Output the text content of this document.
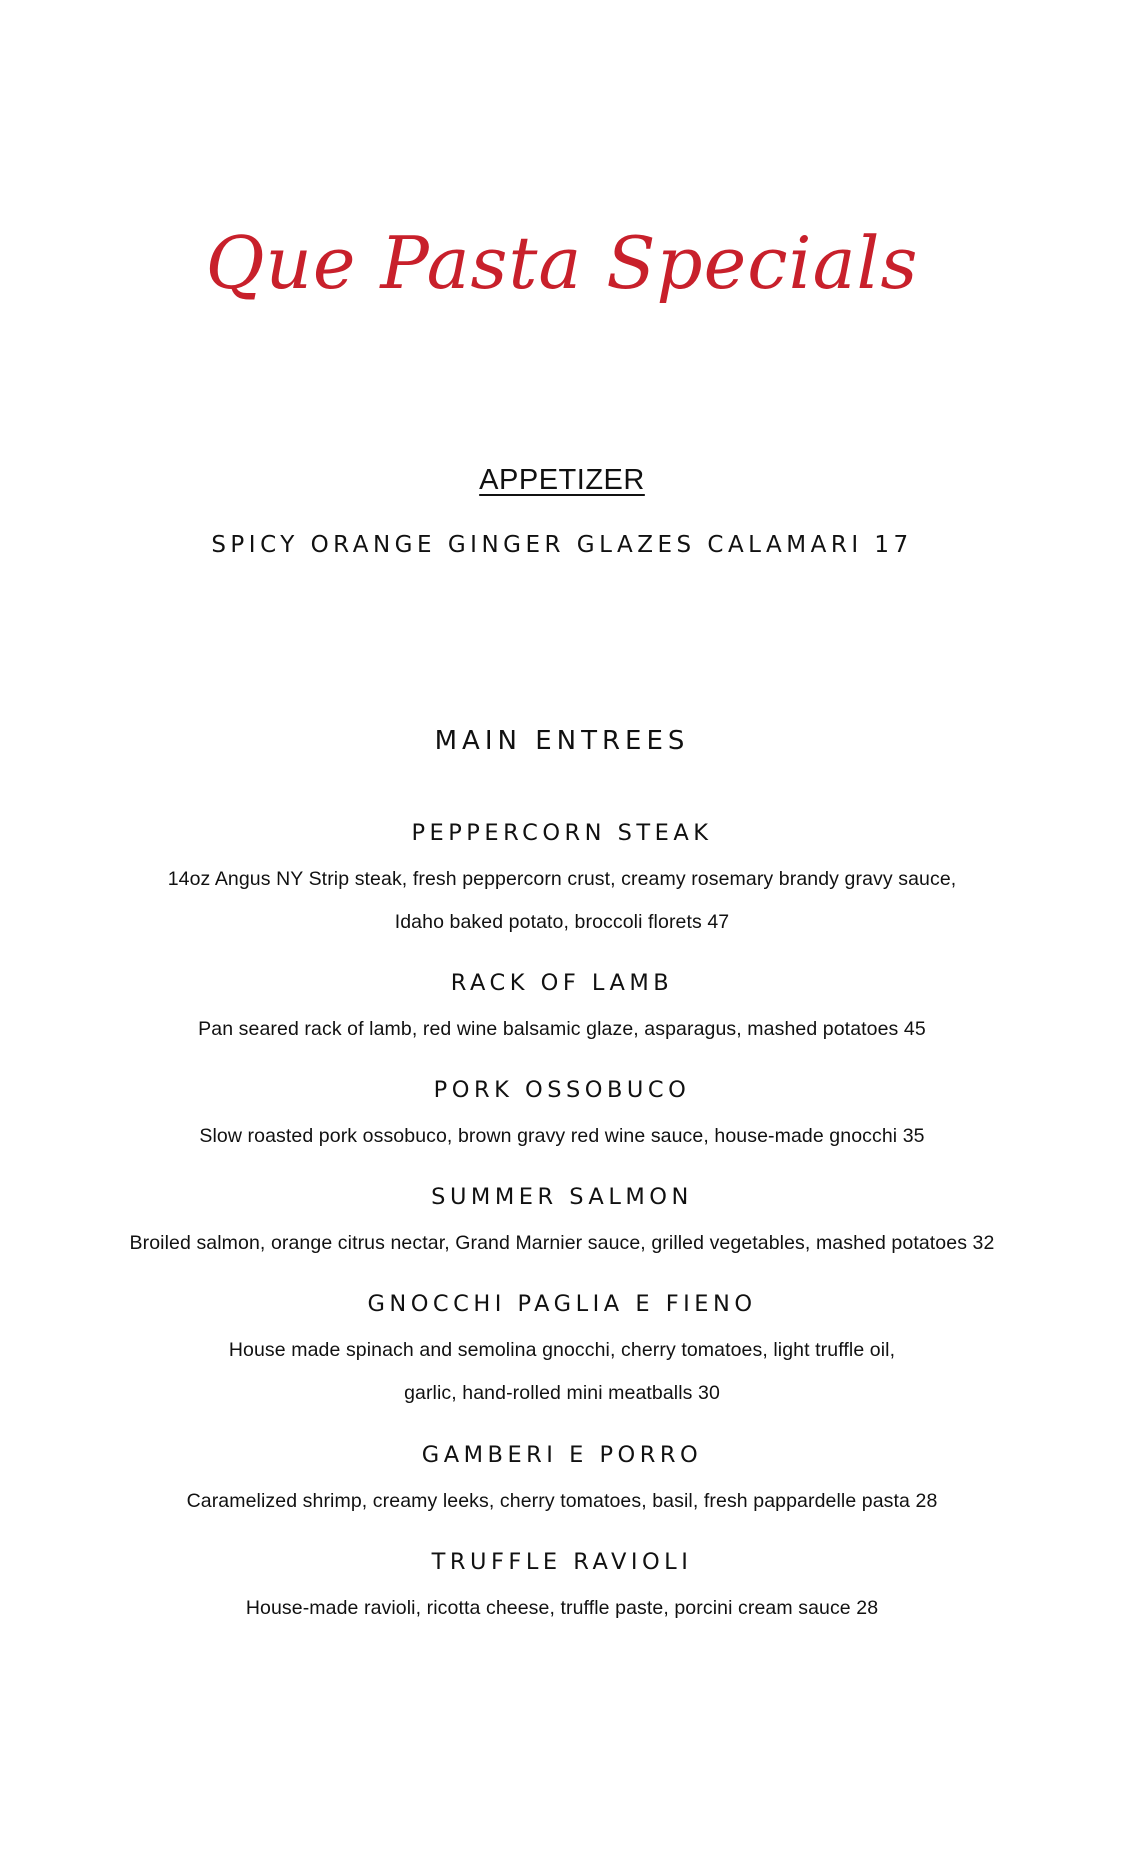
Que Pasta Specials
APPETIZER
SPICY ORANGE GINGER GLAZES CALAMARI 17
MAIN ENTREES
PEPPERCORN STEAK
14oz Angus NY Strip steak, fresh peppercorn crust, creamy rosemary brandy gravy sauce,
Idaho baked potato, broccoli florets 47
RACK OF LAMB
Pan seared rack of lamb, red wine balsamic glaze, asparagus, mashed potatoes 45
PORK OSSOBUCO
Slow roasted pork ossobuco, brown gravy red wine sauce, house-made gnocchi 35
SUMMER SALMON
Broiled salmon, orange citrus nectar, Grand Marnier sauce, grilled vegetables, mashed potatoes 32
GNOCCHI PAGLIA E FIENO
House made spinach and semolina gnocchi, cherry tomatoes, light truffle oil,
garlic, hand-rolled mini meatballs 30
GAMBERI E PORRO
Caramelized shrimp, creamy leeks, cherry tomatoes, basil, fresh pappardelle pasta 28
TRUFFLE RAVIOLI
House-made ravioli, ricotta cheese, truffle paste, porcini cream sauce 28
